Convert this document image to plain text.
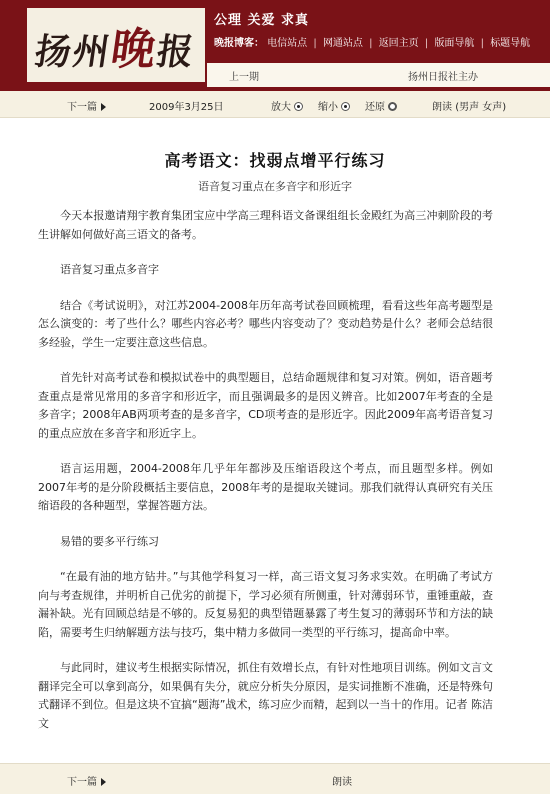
扬州晚报
公理 关爱 求真
晚报博客： 电信站点 | 网通站点 | 返回主页 | 版面导航 | 标题导航
上一期	扬州日报社主办
下一篇	2009年3月25日	放大	缩小	还原	朗读 (男声 女声)
高考语文：找弱点增平行练习
语音复习重点在多音字和形近字

今天本报邀请翔宇教育集团宝应中学高三理科语文备课组组长金殿红为高三冲刺阶段的考生讲解如何做好高三语文的备考。

语音复习重点多音字

结合《考试说明》，对江苏2004-2008年历年高考试卷回顾梳理，看看这些年高考题型是怎么演变的：考了些什么？哪些内容必考？哪些内容变动了？变动趋势是什么？老师会总结很多经验，学生一定要注意这些信息。

首先针对高考试卷和模拟试卷中的典型题目，总结命题规律和复习对策。例如，语音题考查重点是常见常用的多音字和形近字，而且强调最多的是因义辨音。比如2007年考查的全是多音字；2008年AB两项考查的是多音字，CD项考查的是形近字。因此2009年高考语音复习的重点应放在多音字和形近字上。

语言运用题，2004-2008年几乎年年都涉及压缩语段这个考点，而且题型多样。例如2007年考的是分阶段概括主要信息，2008年考的是提取关键词。那我们就得认真研究有关压缩语段的各种题型，掌握答题方法。

易错的要多平行练习

“在最有油的地方钻井。”与其他学科复习一样，高三语文复习务求实效。在明确了考试方向与考查规律，并明析自己优劣的前提下，学习必须有所侧重，针对薄弱环节，重锤重敲，查漏补缺。光有回顾总结是不够的。反复易犯的典型错题暴露了考生复习的薄弱环节和方法的缺陷，需要考生归纳解题方法与技巧，集中精力多做同一类型的平行练习，提高命中率。

与此同时，建议考生根据实际情况，抓住有效增长点，有针对性地项目训练。例如文言文翻译完全可以拿到高分，如果偶有失分，就应分析失分原因，是实词推断不准确，还是特殊句式翻译不到位。但是这块不宜搞“题海”战术，练习应少而精，起到以一当十的作用。记者 陈洁文

下一篇	朗读
